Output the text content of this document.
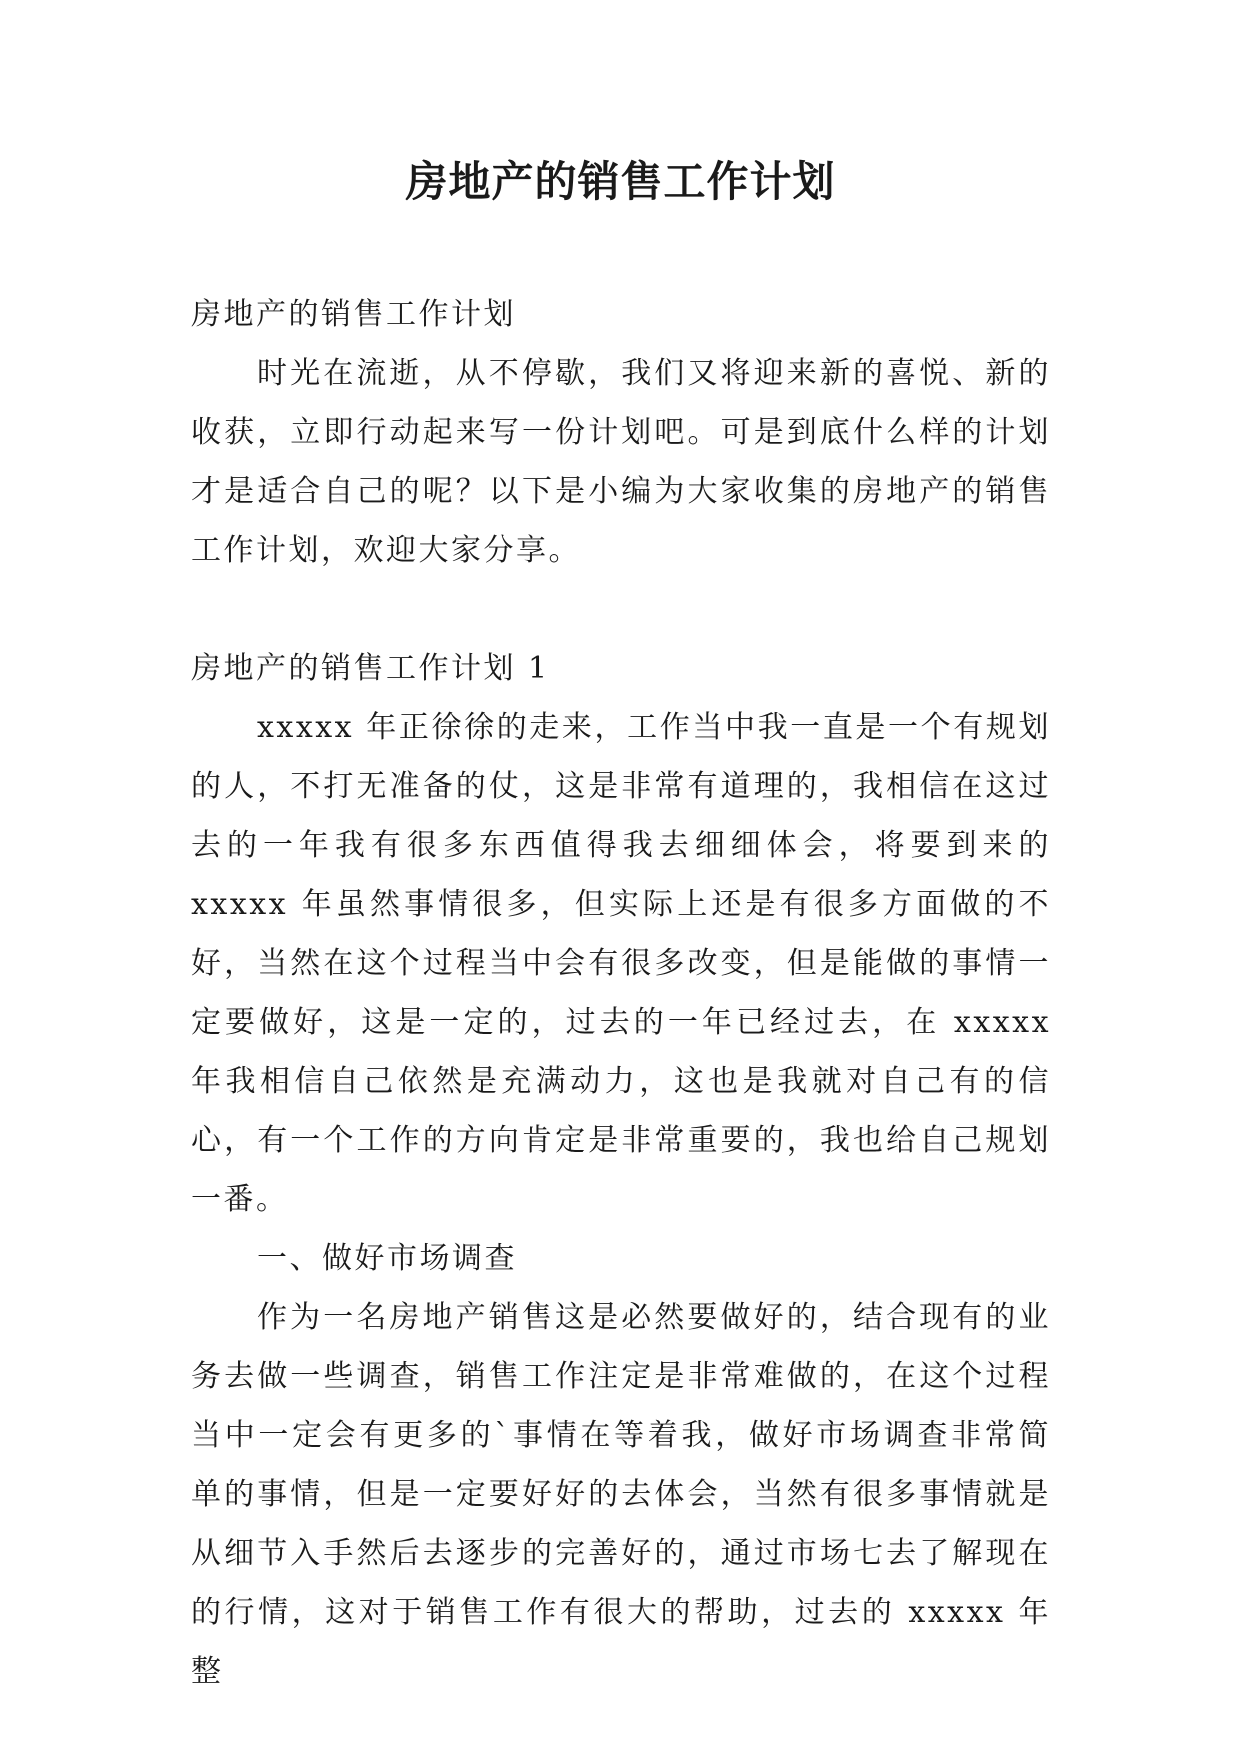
房地产的销售工作计划

房地产的销售工作计划

时光在流逝，从不停歇，我们又将迎来新的喜悦、新的收获，立即行动起来写一份计划吧。可是到底什么样的计划才是适合自己的呢？以下是小编为大家收集的房地产的销售工作计划，欢迎大家分享。

房地产的销售工作计划 1

xxxxx 年正徐徐的走来，工作当中我一直是一个有规划的人，不打无准备的仗，这是非常有道理的，我相信在这过去的一年我有很多东西值得我去细细体会，将要到来的 xxxxx 年虽然事情很多，但实际上还是有很多方面做的不好，当然在这个过程当中会有很多改变，但是能做的事情一定要做好，这是一定的，过去的一年已经过去，在 xxxxx 年我相信自己依然是充满动力，这也是我就对自己有的信心，有一个工作的方向肯定是非常重要的，我也给自己规划一番。

一、做好市场调查

作为一名房地产销售这是必然要做好的，结合现有的业务去做一些调查，销售工作注定是非常难做的，在这个过程当中一定会有更多的`事情在等着我，做好市场调查非常简单的事情，但是一定要好好的去体会，当然有很多事情就是从细节入手然后去逐步的完善好的，通过市场七去了解现在的行情，这对于销售工作有很大的帮助，过去的 xxxxx 年整
